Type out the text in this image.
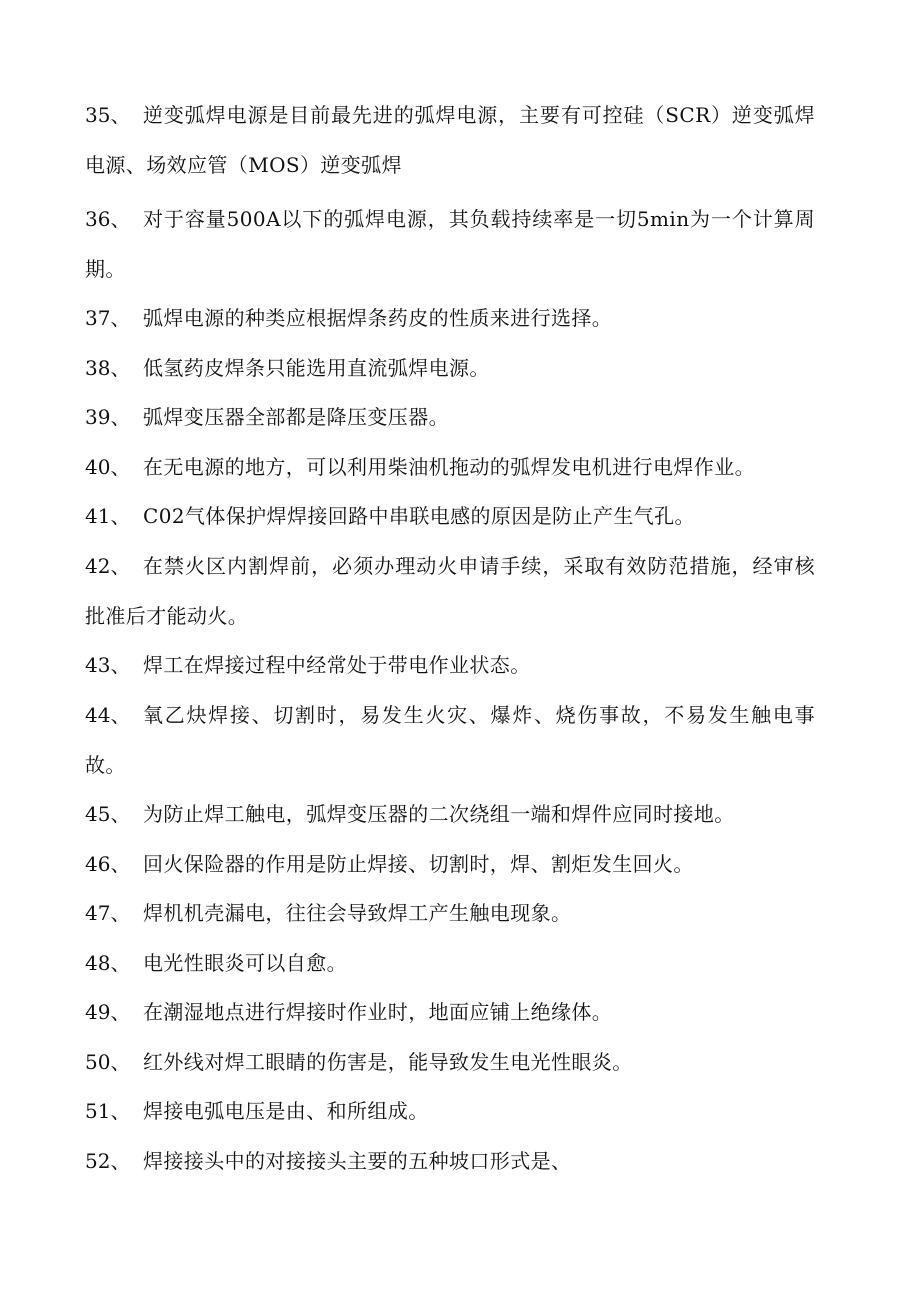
35、 逆变弧焊电源是目前最先进的弧焊电源，主要有可控硅（SCR）逆变弧焊电源、场效应管（MOS）逆变弧焊
36、 对于容量500A以下的弧焊电源，其负载持续率是一切5min为一个计算周期。
37、 弧焊电源的种类应根据焊条药皮的性质来进行选择。
38、 低氢药皮焊条只能选用直流弧焊电源。
39、 弧焊变压器全部都是降压变压器。
40、 在无电源的地方，可以利用柴油机拖动的弧焊发电机进行电焊作业。
41、 C02气体保护焊焊接回路中串联电感的原因是防止产生气孔。
42、 在禁火区内割焊前，必须办理动火申请手续，采取有效防范措施，经审核批准后才能动火。
43、 焊工在焊接过程中经常处于带电作业状态。
44、 氧乙炔焊接、切割时，易发生火灾、爆炸、烧伤事故，不易发生触电事故。
45、 为防止焊工触电，弧焊变压器的二次绕组一端和焊件应同时接地。
46、 回火保险器的作用是防止焊接、切割时，焊、割炬发生回火。
47、 焊机机壳漏电，往往会导致焊工产生触电现象。
48、 电光性眼炎可以自愈。
49、 在潮湿地点进行焊接时作业时，地面应铺上绝缘体。
50、 红外线对焊工眼睛的伤害是，能导致发生电光性眼炎。
51、 焊接电弧电压是由、和所组成。
52、 焊接接头中的对接接头主要的五种坡口形式是、
